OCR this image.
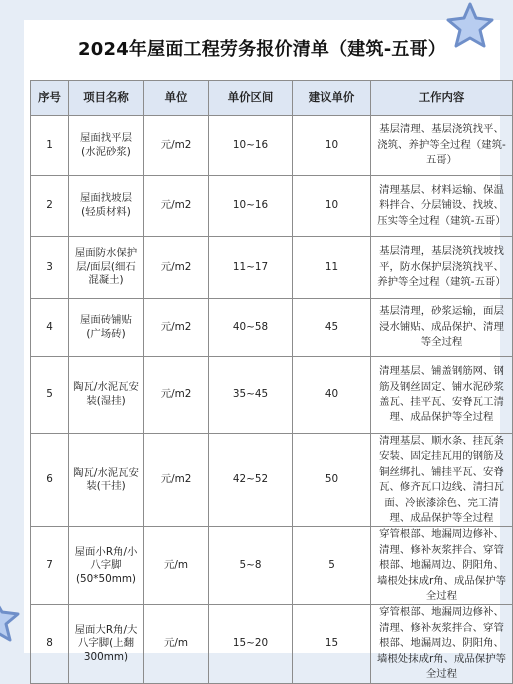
2024年屋面工程劳务报价清单（建筑-五哥）
序号	项目名称	单位	单价区间	建议单价	工作内容
1	屋面找平层(水泥砂浆)	元/m2	10~16	10	基层清理、基层浇筑找平、浇筑、养护等全过程（建筑-五哥）
2	屋面找坡层(轻质材料)	元/m2	10~16	10	清理基层、材料运输、保温料拌合、分层铺设、找坡、压实等全过程（建筑-五哥）
3	屋面防水保护层/面层(细石混凝土)	元/m2	11~17	11	基层清理，基层浇筑找坡找平，防水保护层浇筑找平、养护等全过程（建筑-五哥）
4	屋面砖铺贴(广场砖)	元/m2	40~58	45	基层清理，砂浆运输，面层浸水铺贴、成品保护、清理等全过程
5	陶瓦/水泥瓦安装(湿挂)	元/m2	35~45	40	清理基层、铺盖钢筋网、钢筋及钢丝固定、铺水泥砂浆盖瓦、挂平瓦、安脊瓦工清理、成品保护等全过程
6	陶瓦/水泥瓦安装(干挂)	元/m2	42~52	50	清理基层、顺水条、挂瓦条安装、固定挂瓦用的钢筋及铜丝绑扎、铺挂平瓦、安脊瓦、修齐瓦口边线、清扫瓦面、冷嵌漆涂色、完工清理、成品保护等全过程
7	屋面小R角/小八字脚(50*50mm)	元/m	5~8	5	穿管根部、地漏周边修补、清理、修补灰浆拌合、穿管根部、地漏周边、阴阳角、墙根处抹成r角、成品保护等全过程
8	屋面大R角/大八字脚(上翻300mm)	元/m	15~20	15	穿管根部、地漏周边修补、清理、修补灰浆拌合、穿管根部、地漏周边、阴阳角、墙根处抹成r角、成品保护等全过程
